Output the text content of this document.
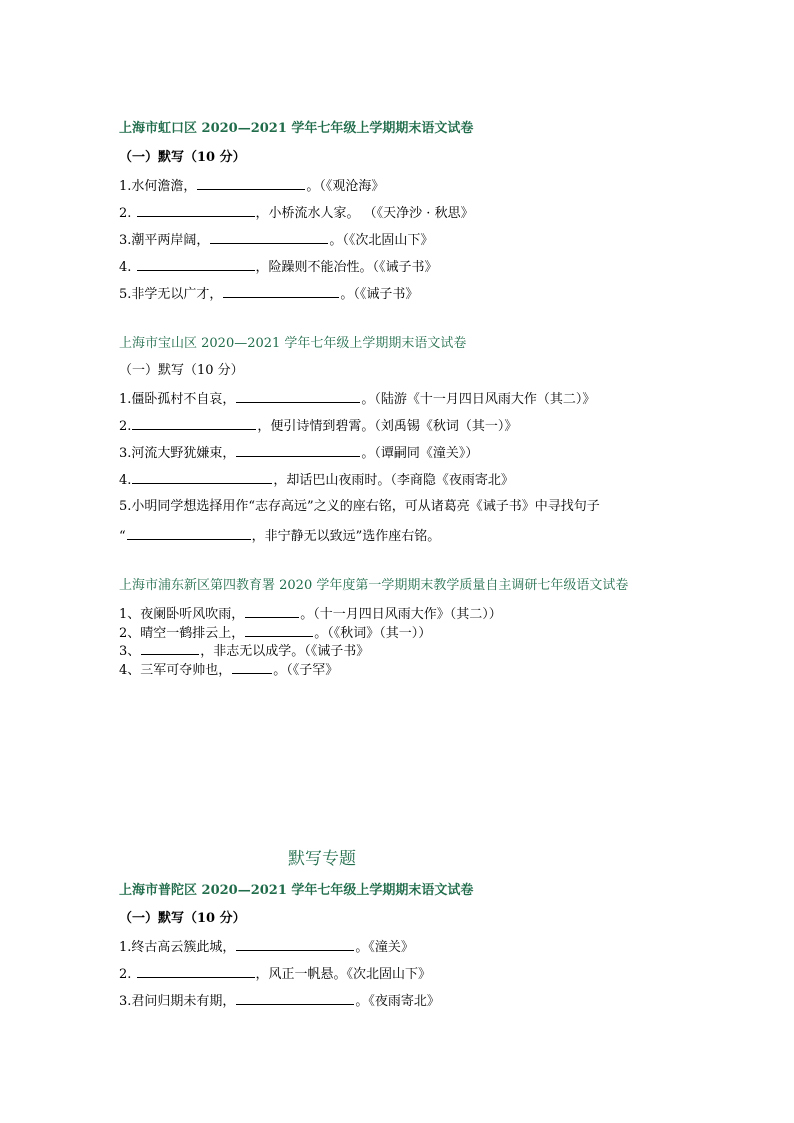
上海市虹口区 2020—2021 学年七年级上学期期末语文试卷
（一）默写（10 分）
1.水何澹澹，	。（《观沧海》
2.	，小桥流水人家。 （《天净沙 · 秋思》
3.潮平两岸阔，	。（《次北固山下》
4.	，险躁则不能冶性。（《诫子书》
5.非学无以广才，	。（《诫子书》
上海市宝山区 2020—2021 学年七年级上学期期末语文试卷
（一）默写（10 分）
1.僵卧孤村不自哀，	。（陆游《十一月四日风雨大作（其二）》
2.	，便引诗情到碧霄。（刘禹锡《秋词（其一）》
3.河流大野犹嫌束，	。（谭嗣同《潼关》）
4.	，却话巴山夜雨时。（李商隐《夜雨寄北》
5.小明同学想选择用作“志存高远”之义的座右铭，可从诸葛亮《诫子书》中寻找句子
“	，非宁静无以致远”选作座右铭。
上海市浦东新区第四教育署 2020 学年度第一学期期末教学质量自主调研七年级语文试卷
1、夜阑卧听风吹雨，	。（十一月四日风雨大作》（其二））
2、晴空一鹤排云上，	。（《秋词》（其一））
3、	，非志无以成学。（《诫子书》
4、三军可夺帅也，	。（《子罕》
默写专题
上海市普陀区 2020—2021 学年七年级上学期期末语文试卷
（一）默写（10 分）
1.终古高云簇此城，	。《潼关》
2.	，风正一帆悬。《次北固山下》
3.君问归期未有期，	。《夜雨寄北》
